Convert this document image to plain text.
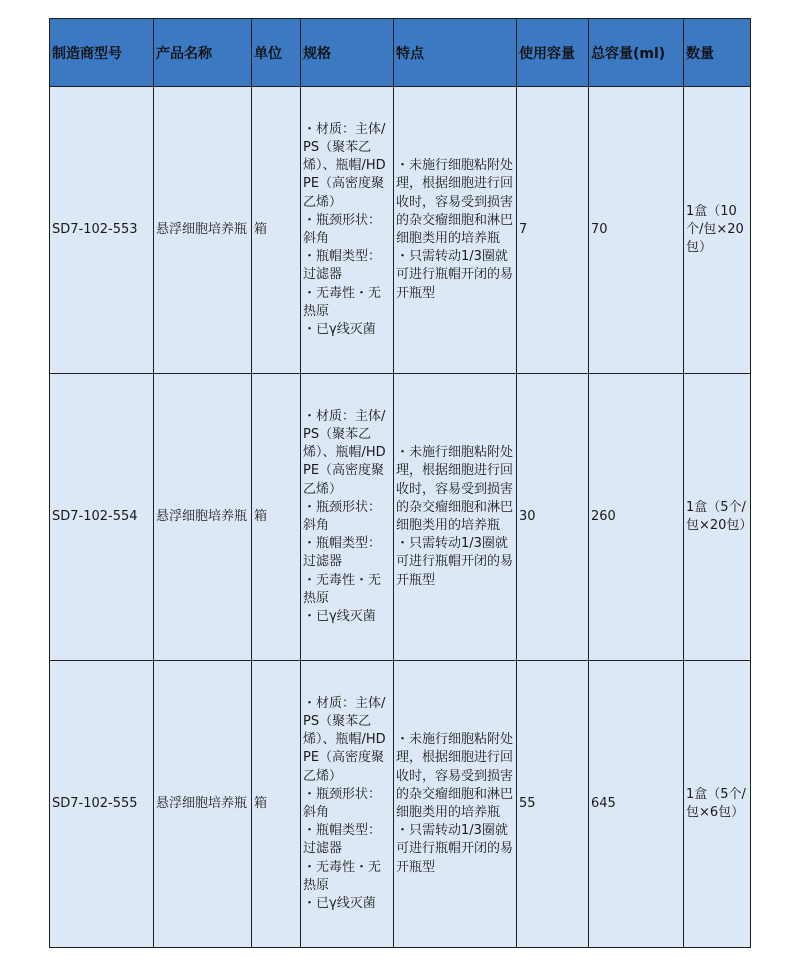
制造商型号	产品名称	单位	规格	特点	使用容量	总容量(ml)	数量
SD7-102-553	悬浮细胞培养瓶	箱	・材质：主体/PS（聚苯乙烯）、瓶帽/HDPE（高密度聚乙烯）
・瓶颈形状：斜角
・瓶帽类型：过滤器
・无毒性・无热原
・已γ线灭菌	・未施行细胞粘附处理，根据细胞进行回收时，容易受到损害的杂交瘤细胞和淋巴细胞类用的培养瓶
・只需转动1/3圈就可进行瓶帽开闭的易开瓶型	7	70	1盒（10个/包×20包）
SD7-102-554	悬浮细胞培养瓶	箱	・材质：主体/PS（聚苯乙烯）、瓶帽/HDPE（高密度聚乙烯）
・瓶颈形状：斜角
・瓶帽类型：过滤器
・无毒性・无热原
・已γ线灭菌	・未施行细胞粘附处理，根据细胞进行回收时，容易受到损害的杂交瘤细胞和淋巴细胞类用的培养瓶
・只需转动1/3圈就可进行瓶帽开闭的易开瓶型	30	260	1盒（5个/包×20包）
SD7-102-555	悬浮细胞培养瓶	箱	・材质：主体/PS（聚苯乙烯）、瓶帽/HDPE（高密度聚乙烯）
・瓶颈形状：斜角
・瓶帽类型：过滤器
・无毒性・无热原
・已γ线灭菌	・未施行细胞粘附处理，根据细胞进行回收时，容易受到损害的杂交瘤细胞和淋巴细胞类用的培养瓶
・只需转动1/3圈就可进行瓶帽开闭的易开瓶型	55	645	1盒（5个/包×6包）
